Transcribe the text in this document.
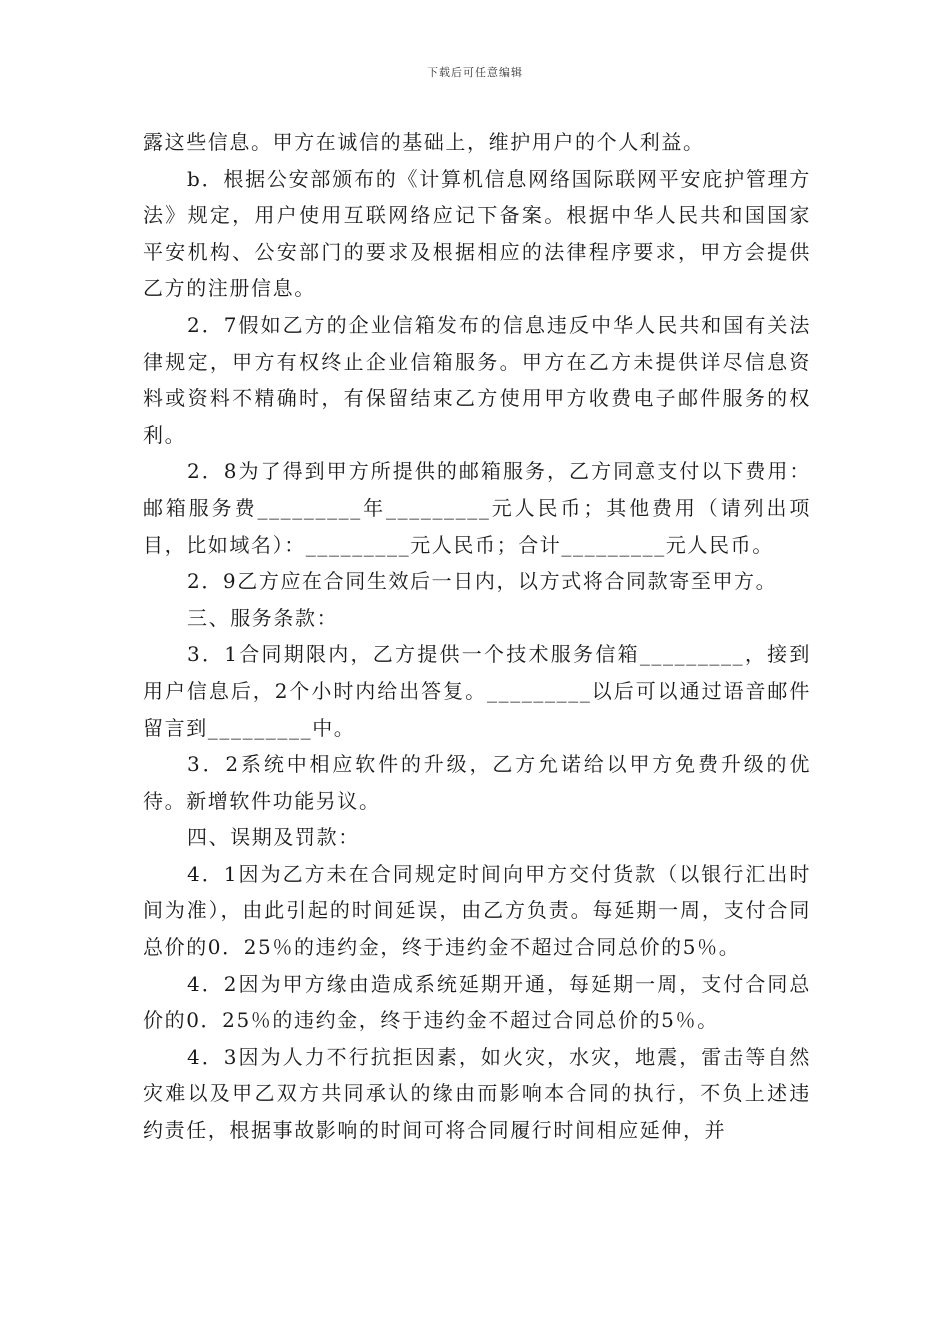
下载后可任意编辑

露这些信息。甲方在诚信的基础上，维护用户的个人利益。

b．根据公安部颁布的《计算机信息网络国际联网平安庇护管理方法》规定，用户使用互联网络应记下备案。根据中华人民共和国国家平安机构、公安部门的要求及根据相应的法律程序要求，甲方会提供乙方的注册信息。

2．7假如乙方的企业信箱发布的信息违反中华人民共和国有关法律规定，甲方有权终止企业信箱服务。甲方在乙方未提供详尽信息资料或资料不精确时，有保留结束乙方使用甲方收费电子邮件服务的权利。

2．8为了得到甲方所提供的邮箱服务，乙方同意支付以下费用：邮箱服务费_________年_________元人民币；其他费用（请列出项目，比如域名）：_________元人民币；合计_________元人民币。

2．9乙方应在合同生效后一日内，以方式将合同款寄至甲方。

三、服务条款：

3．1合同期限内，乙方提供一个技术服务信箱_________，接到用户信息后，2个小时内给出答复。_________以后可以通过语音邮件留言到_________中。

3．2系统中相应软件的升级，乙方允诺给以甲方免费升级的优待。新增软件功能另议。

四、误期及罚款：

4．1因为乙方未在合同规定时间向甲方交付货款（以银行汇出时间为准），由此引起的时间延误，由乙方负责。每延期一周，支付合同总价的0．25％的违约金，终于违约金不超过合同总价的5％。

4．2因为甲方缘由造成系统延期开通，每延期一周，支付合同总价的0．25％的违约金，终于违约金不超过合同总价的5％。

4．3因为人力不行抗拒因素，如火灾，水灾，地震，雷击等自然灾难以及甲乙双方共同承认的缘由而影响本合同的执行，不负上述违约责任，根据事故影响的时间可将合同履行时间相应延伸，并
